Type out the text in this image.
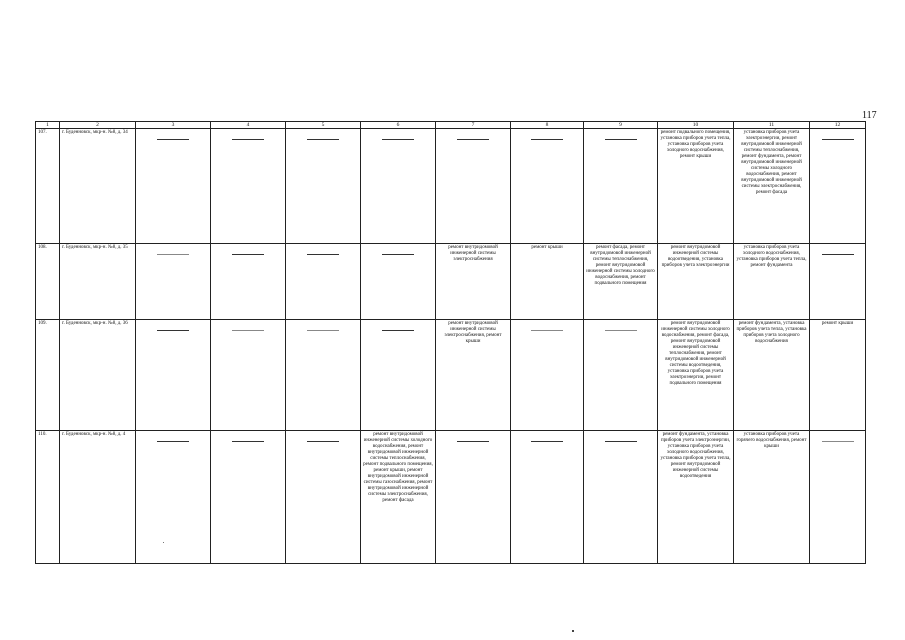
117
1	2	3	4	5	6	7	8	9	10	11	12
107.	г. Буденновск, мкр-н. №8, д. 34								ремонт подвального помещения, установка приборов учета тепла, установка приборов учета холодного водоснабжения, ремонт крыши	установка приборов учета электроэнергии, ремонт внутридомовой инженерной системы теплоснабжения, ремонт фундамента, ремонт внутридомовой инженерной системы холодного водоснабжения, ремонт внутридомовой инженерной системы электроснабжения, ремонт фасада	

108.	г. Буденновск, мкр-н. №8, д. 35					ремонт внутридомовой инженерной системы электроснабжения	ремонт крыши	ремонт фасада, ремонт внутридомовой инженерной системы теплоснабжения, ремонт внутридомовой инженерной системы холодного водоснабжения, ремонт подвального помещения	ремонт внутридомовой инженерной системы водоотведения, установка приборов учета электроэнергии	установка приборов учета холодного водоснабжения, установка приборов учета тепла, ремонт фундамента	

109.	г. Буденновск, мкр-н. №8, д. 36					ремонт внутридомовой инженерной системы электроснабжения, ремонт крыши			ремонт внутридомовой инженерной системы холодного водоснабжения, ремонт фасада, ремонт внутридомовой инженерной системы теплоснабжения, ремонт внутридомовой инженерной системы водоотведения, установка приборов учета электроэнергии, ремонт подвального помещения	ремонт фундамента, установка приборов учета тепла, установка приборов учета холодного водоснабжения	ремонт крыши
110.	г. Буденновск, мкр-н. №8, д. 4				ремонт внутридомовой инженерной системы холодного водоснабжения, ремонт внутридомовой инженерной системы теплоснабжения, ремонт подвального помещения, ремонт крыши, ремонт внутридомовой инженерной системы газоснабжения, ремонт внутридомовой инженерной системы электроснабжения, ремонт фасада				ремонт фундамента, установка приборов учета электроэнергии, установка приборов учета холодного водоснабжения, установка приборов учета тепла, ремонт внутридомовой инженерной системы водоотведения	установка приборов учета горячего водоснабжения, ремонт крыши	
